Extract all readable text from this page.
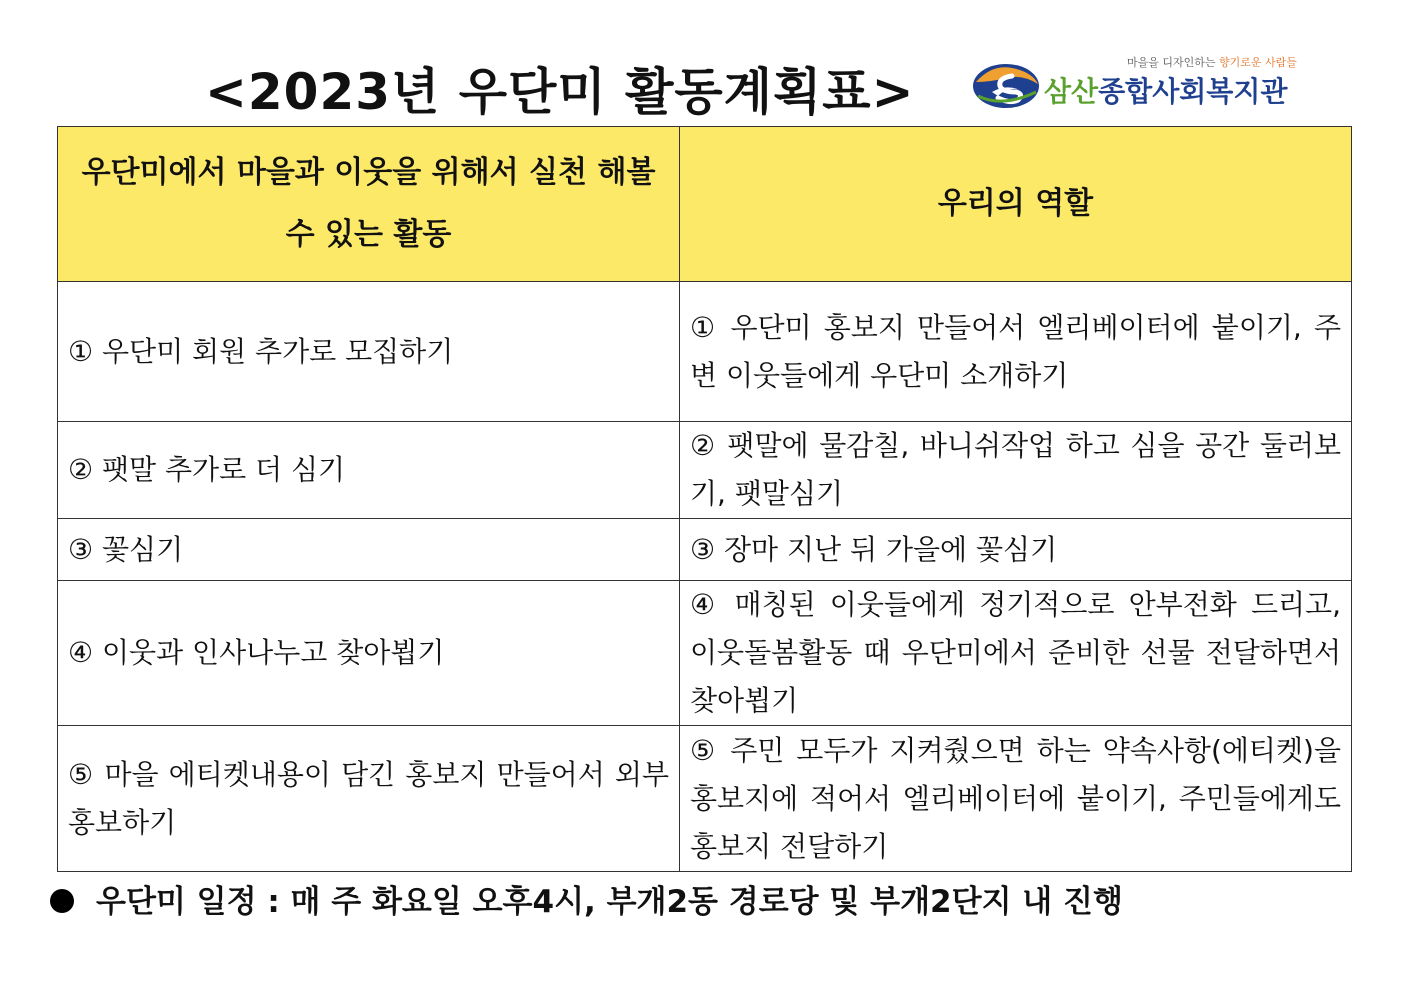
<2023년 우단미 활동계획표>
마을을 디자인하는 향기로운 사람들
삼산종합사회복지관
우단미에서 마을과 이웃을 위해서 실천 해볼 수 있는 활동	우리의 역할
① 우단미 회원 추가로 모집하기	① 우단미 홍보지 만들어서 엘리베이터에 붙이기, 주변 이웃들에게 우단미 소개하기
② 팻말 추가로 더 심기	② 팻말에 물감칠, 바니쉬작업 하고 심을 공간 둘러보기, 팻말심기
③ 꽃심기	③ 장마 지난 뒤 가을에 꽃심기
④ 이웃과 인사나누고 찾아뵙기	④ 매칭된 이웃들에게 정기적으로 안부전화 드리고, 이웃돌봄활동 때 우단미에서 준비한 선물 전달하면서 찾아뵙기
⑤ 마을 에티켓내용이 담긴 홍보지 만들어서 외부홍보하기	⑤ 주민 모두가 지켜줬으면 하는 약속사항(에티켓)을 홍보지에 적어서 엘리베이터에 붙이기, 주민들에게도 홍보지 전달하기
우단미 일정 : 매 주 화요일 오후4시, 부개2동 경로당 및 부개2단지 내 진행
